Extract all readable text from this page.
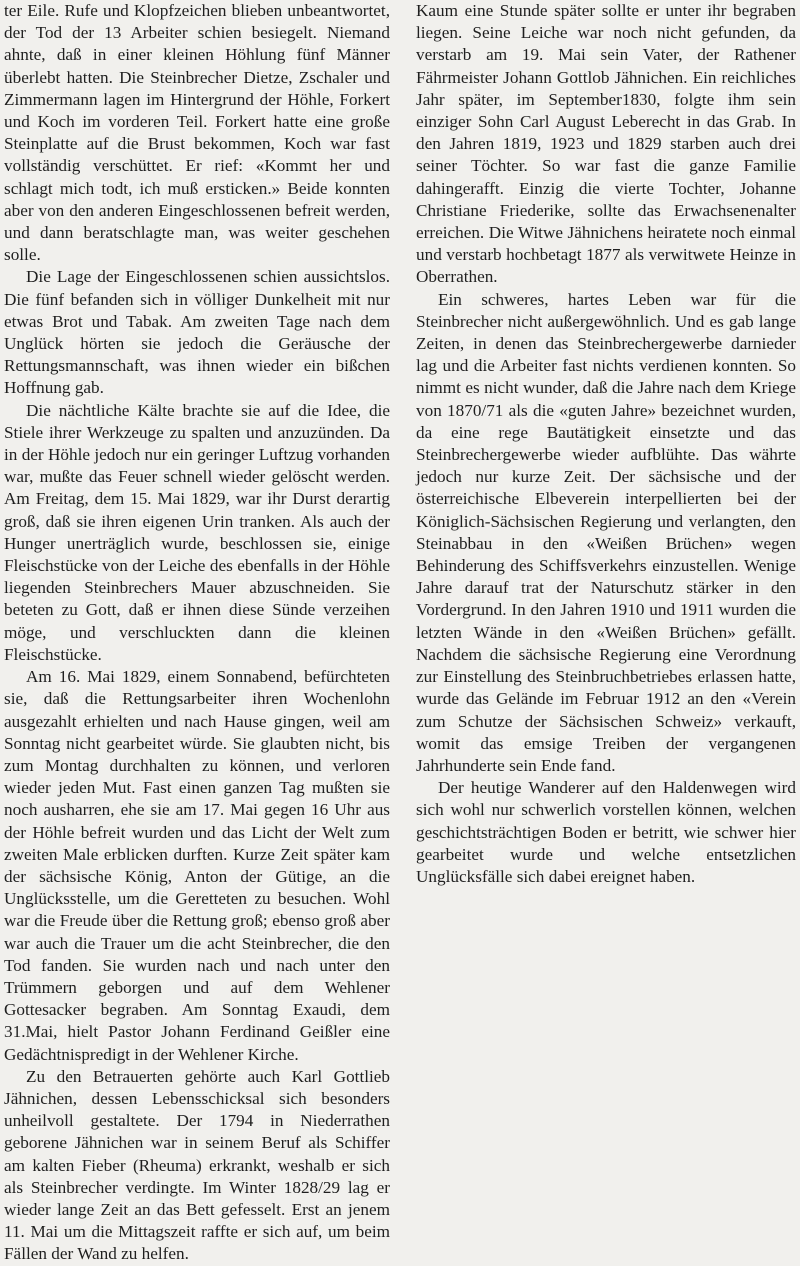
ter Eile. Rufe und Klopfzeichen blieben unbeantwortet, der Tod der 13 Arbeiter schien besiegelt. Niemand ahnte, daß in einer kleinen Höhlung fünf Männer überlebt hatten. Die Steinbrecher Dietze, Zschaler und Zimmermann lagen im Hintergrund der Höhle, Forkert und Koch im vorderen Teil. Forkert hatte eine große Steinplatte auf die Brust bekommen, Koch war fast vollständig verschüttet. Er rief: «Kommt her und schlagt mich todt, ich muß ersticken.» Beide konnten aber von den anderen Eingeschlossenen befreit werden, und dann beratschlagte man, was weiter geschehen solle.

Die Lage der Eingeschlossenen schien aussichtslos. Die fünf befanden sich in völliger Dunkelheit mit nur etwas Brot und Tabak. Am zweiten Tage nach dem Unglück hörten sie jedoch die Geräusche der Rettungsmannschaft, was ihnen wieder ein bißchen Hoffnung gab.

Die nächtliche Kälte brachte sie auf die Idee, die Stiele ihrer Werkzeuge zu spalten und anzuzünden. Da in der Höhle jedoch nur ein geringer Luftzug vorhanden war, mußte das Feuer schnell wieder gelöscht werden. Am Freitag, dem 15. Mai 1829, war ihr Durst derartig groß, daß sie ihren eigenen Urin tranken. Als auch der Hunger unerträglich wurde, beschlossen sie, einige Fleischstücke von der Leiche des ebenfalls in der Höhle liegenden Steinbrechers Mauer abzuschneiden. Sie beteten zu Gott, daß er ihnen diese Sünde verzeihen möge, und verschluckten dann die kleinen Fleischstücke.

Am 16. Mai 1829, einem Sonnabend, befürchteten sie, daß die Rettungsarbeiter ihren Wochenlohn ausgezahlt erhielten und nach Hause gingen, weil am Sonntag nicht gearbeitet würde. Sie glaubten nicht, bis zum Montag durchhalten zu können, und verloren wieder jeden Mut. Fast einen ganzen Tag mußten sie noch ausharren, ehe sie am 17. Mai gegen 16 Uhr aus der Höhle befreit wurden und das Licht der Welt zum zweiten Male erblicken durften. Kurze Zeit später kam der sächsische König, Anton der Gütige, an die Unglücksstelle, um die Geretteten zu besuchen. Wohl war die Freude über die Rettung groß; ebenso groß aber war auch die Trauer um die acht Steinbrecher, die den Tod fanden. Sie wurden nach und nach unter den Trümmern geborgen und auf dem Wehlener Gottesacker begraben. Am Sonntag Exaudi, dem 31.Mai, hielt Pastor Johann Ferdinand Geißler eine Gedächtnispredigt in der Wehlener Kirche.

Zu den Betrauerten gehörte auch Karl Gottlieb Jähnichen, dessen Lebensschicksal sich besonders unheilvoll gestaltete. Der 1794 in Niederrathen geborene Jähnichen war in seinem Beruf als Schiffer am kalten Fieber (Rheuma) erkrankt, weshalb er sich als Steinbrecher verdingte. Im Winter 1828/29 lag er wieder lange Zeit an das Bett gefesselt. Erst an jenem 11. Mai um die Mittagszeit raffte er sich auf, um beim Fällen der Wand zu helfen.

Kaum eine Stunde später sollte er unter ihr begraben liegen. Seine Leiche war noch nicht gefunden, da verstarb am 19. Mai sein Vater, der Rathener Fährmeister Johann Gottlob Jähnichen. Ein reichliches Jahr später, im September1830, folgte ihm sein einziger Sohn Carl August Leberecht in das Grab. In den Jahren 1819, 1923 und 1829 starben auch drei seiner Töchter. So war fast die ganze Familie dahingerafft. Einzig die vierte Tochter, Johanne Christiane Friederike, sollte das Erwachsenenalter erreichen. Die Witwe Jähnichens heiratete noch einmal und verstarb hochbetagt 1877 als verwitwete Heinze in Oberrathen.

Ein schweres, hartes Leben war für die Steinbrecher nicht außergewöhnlich. Und es gab lange Zeiten, in denen das Steinbrechergewerbe darnieder lag und die Arbeiter fast nichts verdienen konnten. So nimmt es nicht wunder, daß die Jahre nach dem Kriege von 1870/71 als die «guten Jahre» bezeichnet wurden, da eine rege Bautätigkeit einsetzte und das Steinbrechergewerbe wieder aufblühte. Das währte jedoch nur kurze Zeit. Der sächsische und der österreichische Elbeverein interpellierten bei der Königlich-Sächsischen Regierung und verlangten, den Steinabbau in den «Weißen Brüchen» wegen Behinderung des Schiffsverkehrs einzustellen. Wenige Jahre darauf trat der Naturschutz stärker in den Vordergrund. In den Jahren 1910 und 1911 wurden die letzten Wände in den «Weißen Brüchen» gefällt. Nachdem die sächsische Regierung eine Verordnung zur Einstellung des Steinbruchbetriebes erlassen hatte, wurde das Gelände im Februar 1912 an den «Verein zum Schutze der Sächsischen Schweiz» verkauft, womit das emsige Treiben der vergangenen Jahrhunderte sein Ende fand.

Der heutige Wanderer auf den Haldenwegen wird sich wohl nur schwerlich vorstellen können, welchen geschichtsträchtigen Boden er betritt, wie schwer hier gearbeitet wurde und welche entsetzlichen Unglücksfälle sich dabei ereignet haben.
